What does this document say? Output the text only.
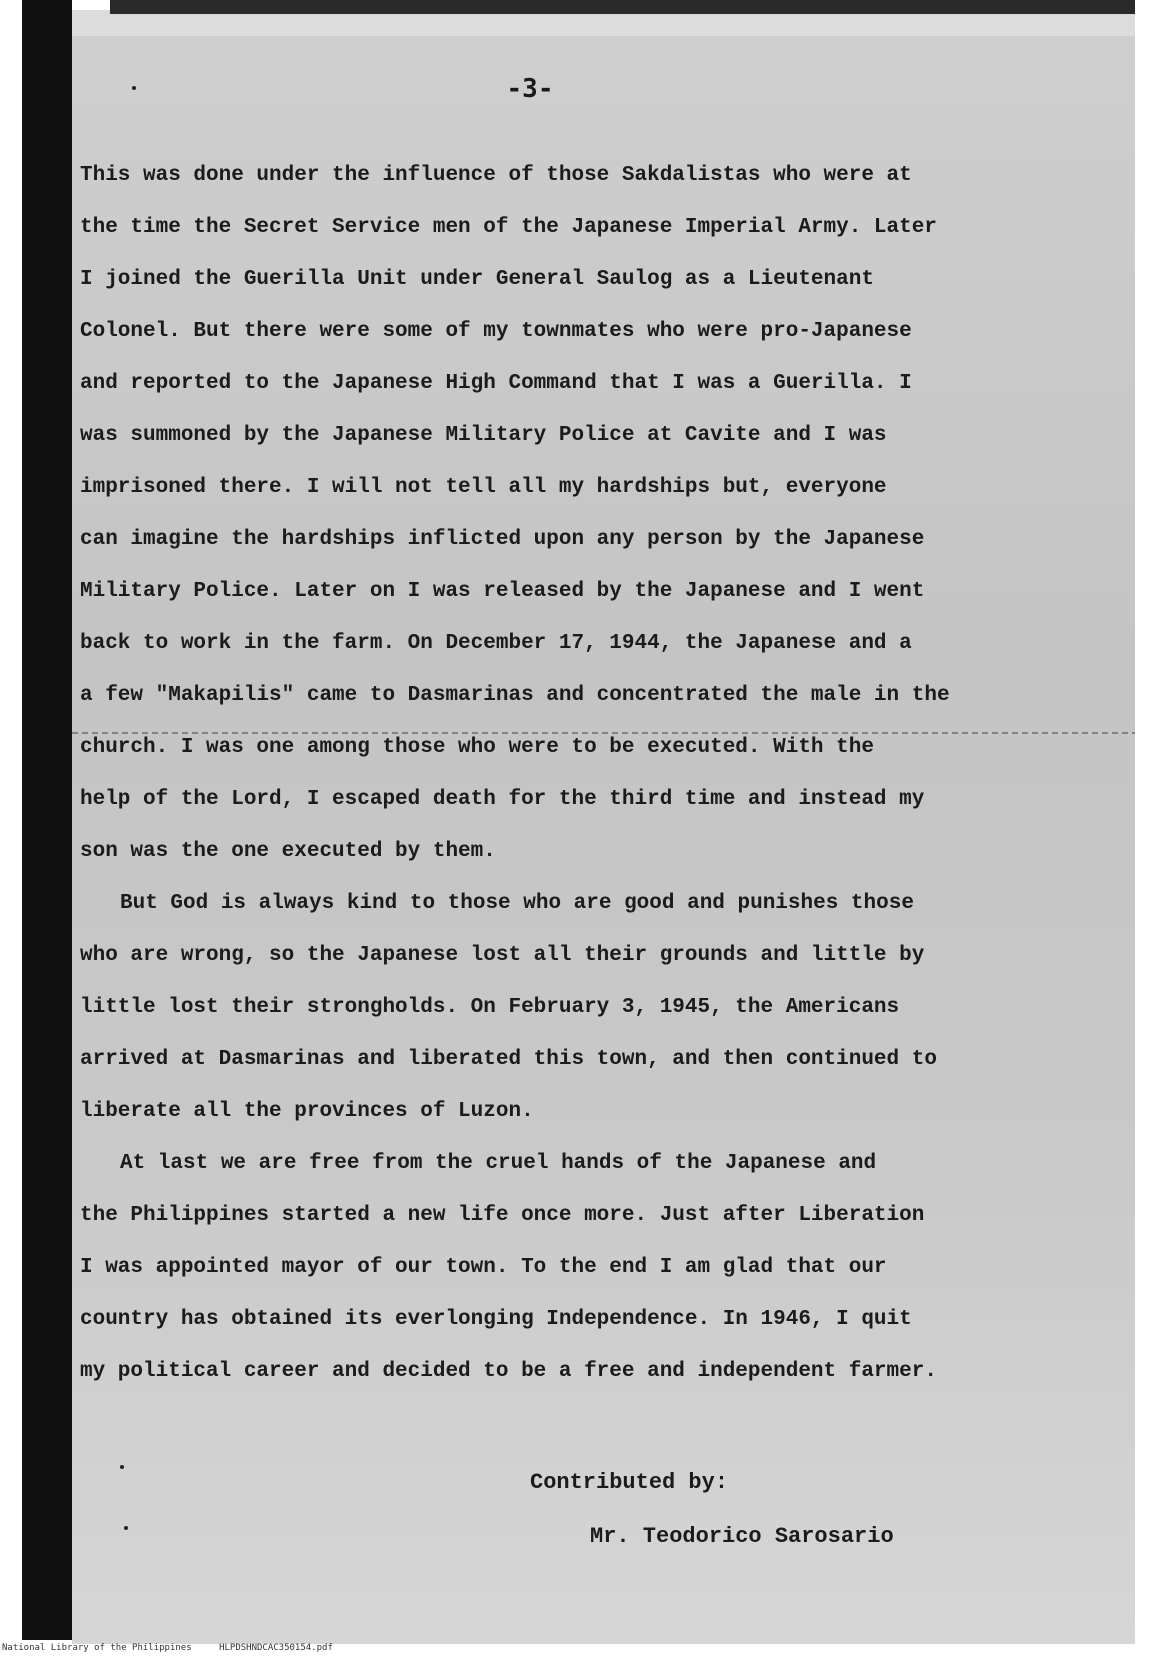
-3-
This was done under the influence of those Sakdalistas who were at
the time the Secret Service men of the Japanese Imperial Army. Later
I joined the Guerilla Unit under General Saulog as a Lieutenant
Colonel. But there were some of my townmates who were pro-Japanese
and reported to the Japanese High Command that I was a Guerilla. I
was summoned by the Japanese Military Police at Cavite and I was
imprisoned there. I will not tell all my hardships but, everyone
can imagine the hardships inflicted upon any person by the Japanese
Military Police. Later on I was released by the Japanese and I went
back to work in the farm. On December 17, 1944, the Japanese and a
a few "Makapilis" came to Dasmarinas and concentrated the male in the
church. I was one among those who were to be executed. With the
help of the Lord, I escaped death for the third time and instead my
son was the one executed by them.
But God is always kind to those who are good and punishes those
who are wrong, so the Japanese lost all their grounds and little by
little lost their strongholds. On February 3, 1945, the Americans
arrived at Dasmarinas and liberated this town, and then continued to
liberate all the provinces of Luzon.
At last we are free from the cruel hands of the Japanese and
the Philippines started a new life once more. Just after Liberation
I was appointed mayor of our town. To the end I am glad that our
country has obtained its everlonging Independence. In 1946, I quit
my political career and decided to be a free and independent farmer.
Contributed by:
Mr. Teodorico Sarosario
National Library of the Philippines	HLPDSHNDCAC350154.pdf
